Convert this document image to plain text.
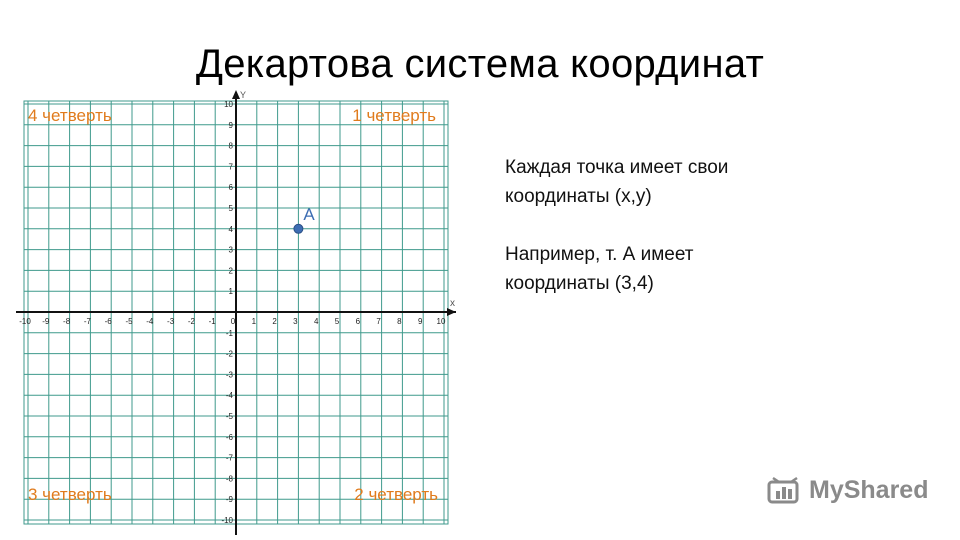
Декартова система координат
x
Y
-10 -9 -8 -7 -6 -5 -4 -3 -2 -1 0 1 2 3 4 5 6 7 8 9 10
-10
-9
-8
-7
-6
-5
-4
-3
-2
-1
1
2
3
4
5
6
7
8
9
10
A
4 четверть	1 четверть
3 четверть	2 четверть
Каждая точка имеет свои

координаты (x,y)

Например, т. А имеет
координаты (3,4)
MyShared
